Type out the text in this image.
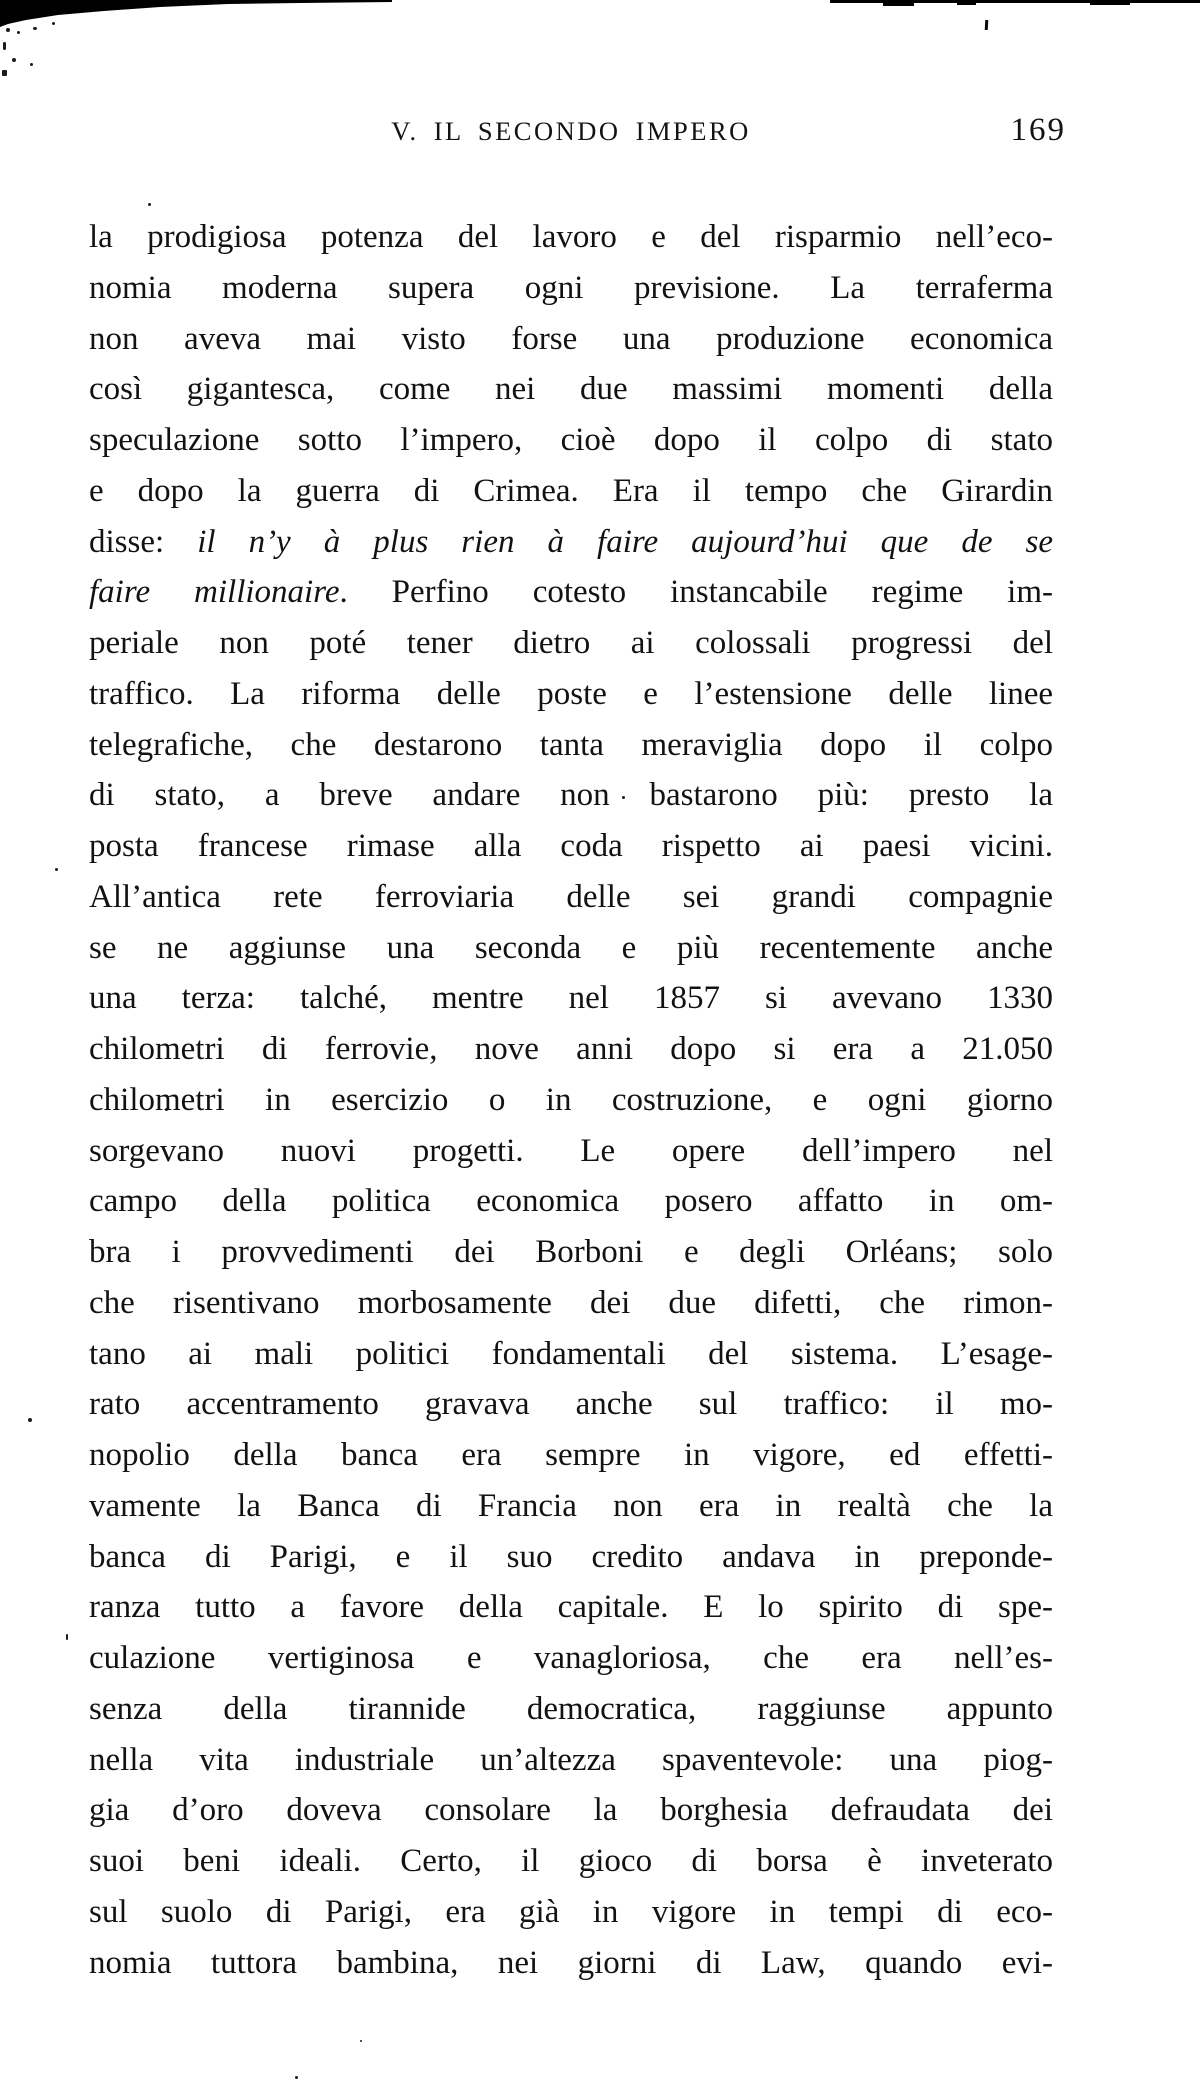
V. IL SECONDO IMPERO	169
la prodigiosa potenza del lavoro e del risparmio nell’eco-
nomia moderna supera ogni previsione. La terraferma
non aveva mai visto forse una produzione economica
così gigantesca, come nei due massimi momenti della
speculazione sotto l’impero, cioè dopo il colpo di stato
e dopo la guerra di Crimea. Era il tempo che Girardin
disse: il n’y à plus rien à faire aujourd’hui que de se
faire millionaire. Perfino cotesto instancabile regime im-
periale non poté tener dietro ai colossali progressi del
traffico. La riforma delle poste e l’estensione delle linee
telegrafiche, che destarono tanta meraviglia dopo il colpo
di stato, a breve andare non bastarono più: presto la
posta francese rimase alla coda rispetto ai paesi vicini.
All’antica rete ferroviaria delle sei grandi compagnie
se ne aggiunse una seconda e più recentemente anche
una terza: talché, mentre nel 1857 si avevano 1330
chilometri di ferrovie, nove anni dopo si era a 21.050
chilometri in esercizio o in costruzione, e ogni giorno
sorgevano nuovi progetti. Le opere dell’impero nel
campo della politica economica posero affatto in om-
bra i provvedimenti dei Borboni e degli Orléans; solo
che risentivano morbosamente dei due difetti, che rimon-
tano ai mali politici fondamentali del sistema. L’esage-
rato accentramento gravava anche sul traffico: il mo-
nopolio della banca era sempre in vigore, ed effetti-
vamente la Banca di Francia non era in realtà che la
banca di Parigi, e il suo credito andava in preponde-
ranza tutto a favore della capitale. E lo spirito di spe-
culazione vertiginosa e vanagloriosa, che era nell’es-
senza della tirannide democratica, raggiunse appunto
nella vita industriale un’altezza spaventevole: una piog-
gia d’oro doveva consolare la borghesia defraudata dei
suoi beni ideali. Certo, il gioco di borsa è inveterato
sul suolo di Parigi, era già in vigore in tempi di eco-
nomia tuttora bambina, nei giorni di Law, quando evi-
